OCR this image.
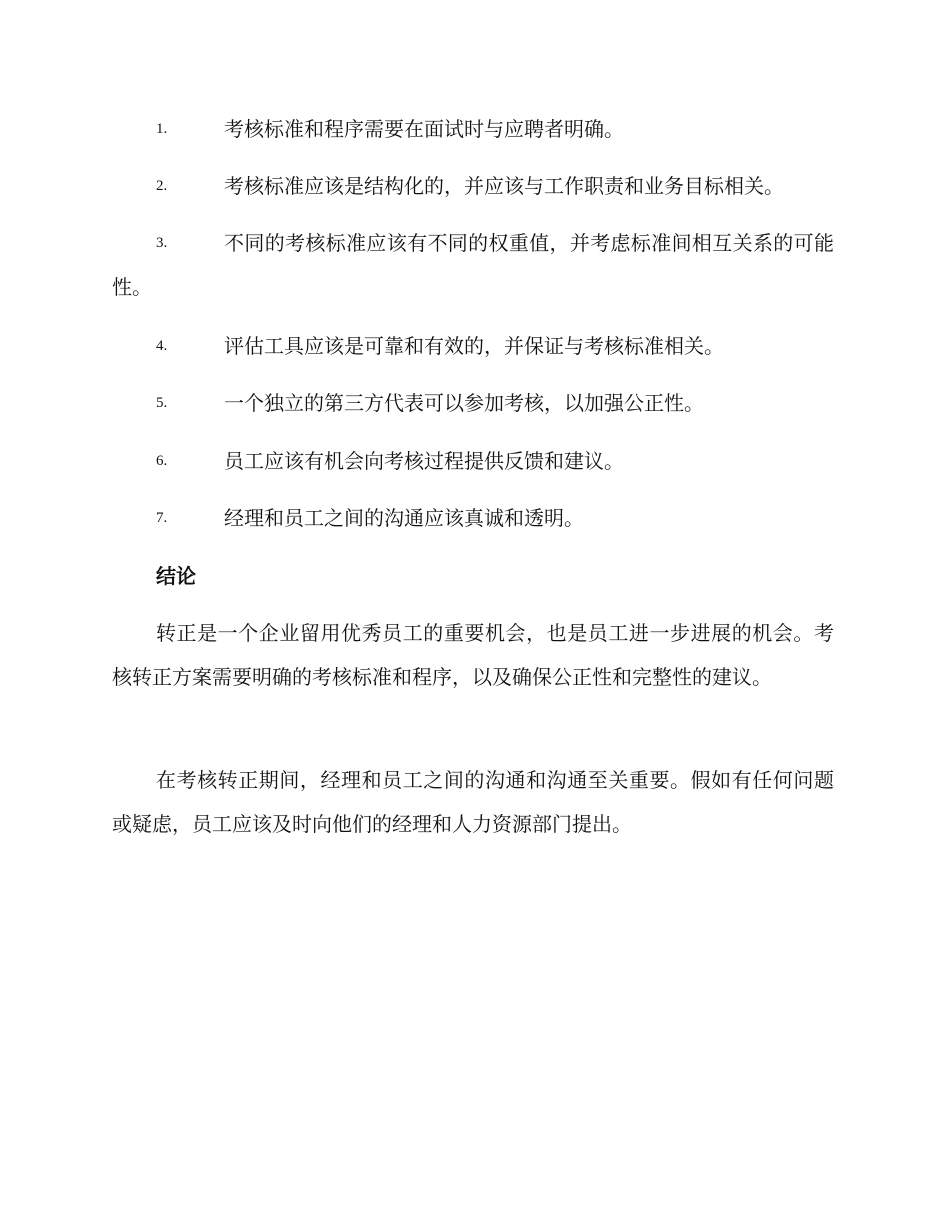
1.	考核标准和程序需要在面试时与应聘者明确。
2.	考核标准应该是结构化的，并应该与工作职责和业务目标相关。
3.	不同的考核标准应该有不同的权重值，并考虑标准间相互关系的可能性。
4.	评估工具应该是可靠和有效的，并保证与考核标准相关。
5.	一个独立的第三方代表可以参加考核，以加强公正性。
6.	员工应该有机会向考核过程提供反馈和建议。
7.	经理和员工之间的沟通应该真诚和透明。
结论

转正是一个企业留用优秀员工的重要机会，也是员工进一步进展的机会。考核转正方案需要明确的考核标准和程序，以及确保公正性和完整性的建议。

在考核转正期间，经理和员工之间的沟通和沟通至关重要。假如有任何问题或疑虑，员工应该及时向他们的经理和人力资源部门提出。
